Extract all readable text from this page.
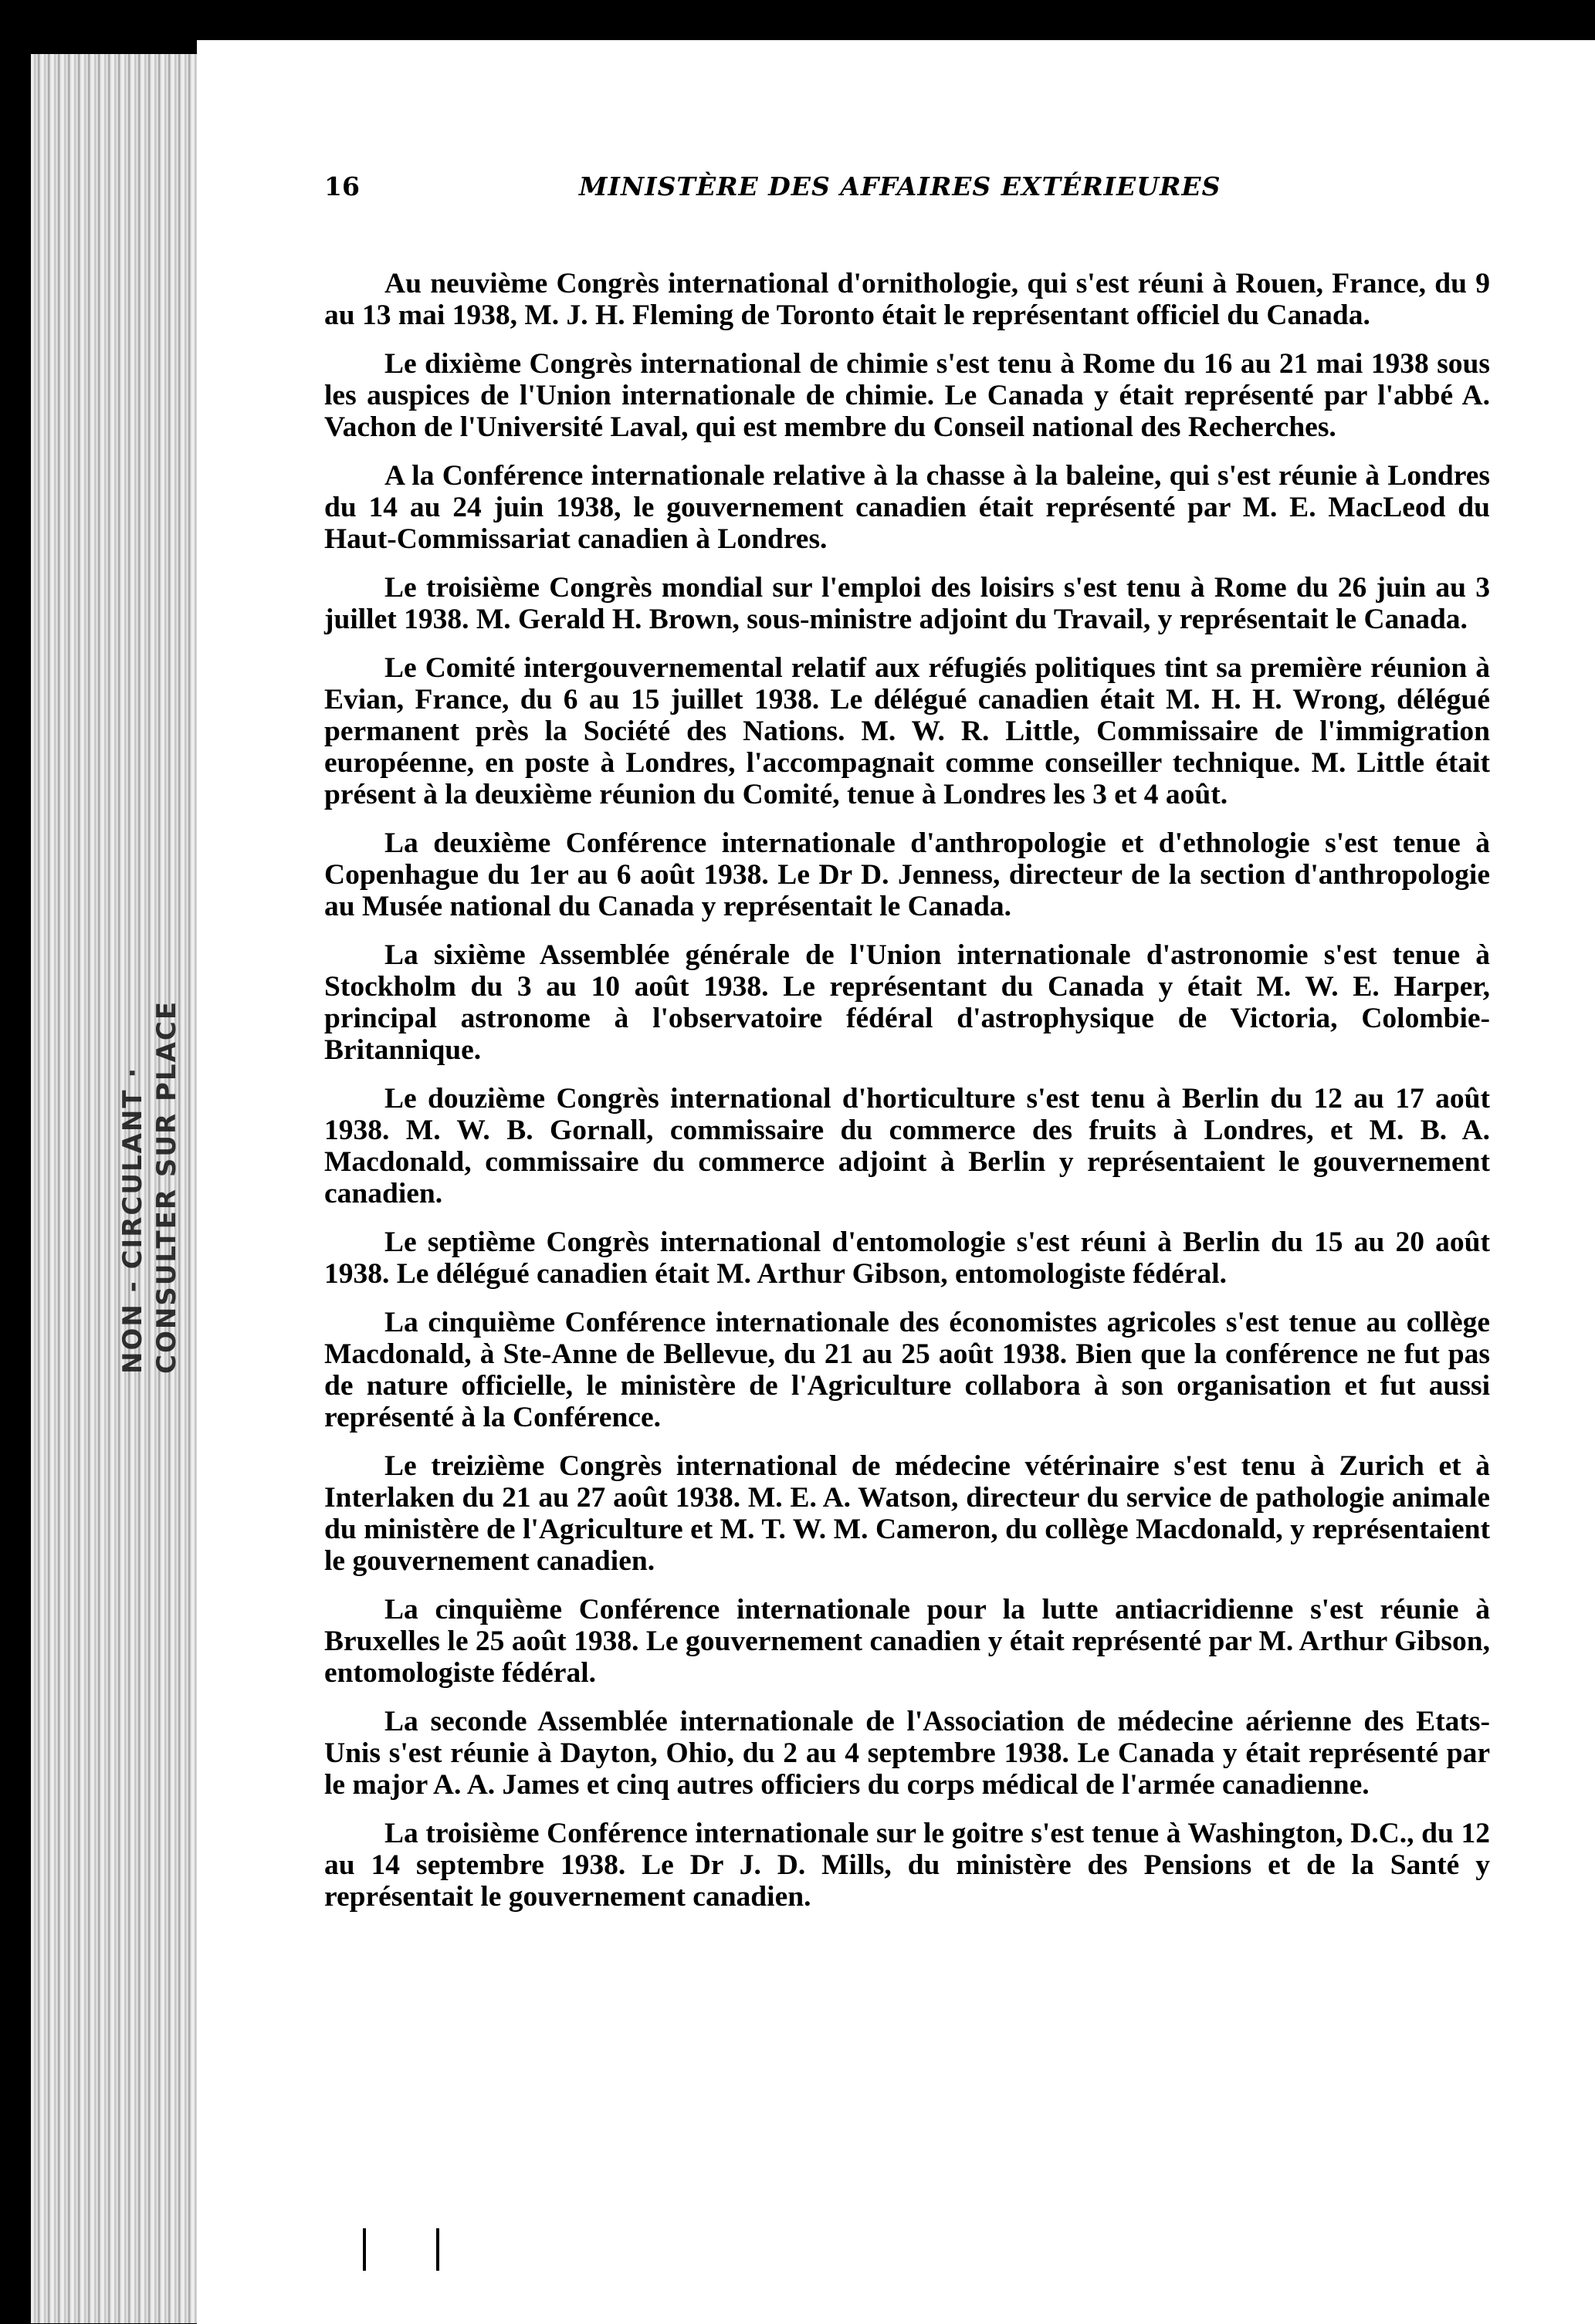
NON - CIRCULANT · CONSULTER SUR PLACE
16	MINISTÈRE DES AFFAIRES EXTÉRIEURES

Au neuvième Congrès international d'ornithologie, qui s'est réuni à Rouen, France, du 9 au 13 mai 1938, M. J. H. Fleming de Toronto était le représentant officiel du Canada.

Le dixième Congrès international de chimie s'est tenu à Rome du 16 au 21 mai 1938 sous les auspices de l'Union internationale de chimie. Le Canada y était représenté par l'abbé A. Vachon de l'Université Laval, qui est membre du Conseil national des Recherches.

A la Conférence internationale relative à la chasse à la baleine, qui s'est réunie à Londres du 14 au 24 juin 1938, le gouvernement canadien était représenté par M. E. MacLeod du Haut-Commissariat canadien à Londres.

Le troisième Congrès mondial sur l'emploi des loisirs s'est tenu à Rome du 26 juin au 3 juillet 1938. M. Gerald H. Brown, sous-ministre adjoint du Travail, y représentait le Canada.

Le Comité intergouvernemental relatif aux réfugiés politiques tint sa première réunion à Evian, France, du 6 au 15 juillet 1938. Le délégué canadien était M. H. H. Wrong, délégué permanent près la Société des Nations. M. W. R. Little, Commissaire de l'immigration européenne, en poste à Londres, l'accompagnait comme conseiller technique. M. Little était présent à la deuxième réunion du Comité, tenue à Londres les 3 et 4 août.

La deuxième Conférence internationale d'anthropologie et d'ethnologie s'est tenue à Copenhague du 1er au 6 août 1938. Le Dr D. Jenness, directeur de la section d'anthropologie au Musée national du Canada y représentait le Canada.

La sixième Assemblée générale de l'Union internationale d'astronomie s'est tenue à Stockholm du 3 au 10 août 1938. Le représentant du Canada y était M. W. E. Harper, principal astronome à l'observatoire fédéral d'astrophysique de Victoria, Colombie-Britannique.

Le douzième Congrès international d'horticulture s'est tenu à Berlin du 12 au 17 août 1938. M. W. B. Gornall, commissaire du commerce des fruits à Londres, et M. B. A. Macdonald, commissaire du commerce adjoint à Berlin y représentaient le gouvernement canadien.

Le septième Congrès international d'entomologie s'est réuni à Berlin du 15 au 20 août 1938. Le délégué canadien était M. Arthur Gibson, entomologiste fédéral.

La cinquième Conférence internationale des économistes agricoles s'est tenue au collège Macdonald, à Ste-Anne de Bellevue, du 21 au 25 août 1938. Bien que la conférence ne fut pas de nature officielle, le ministère de l'Agriculture collabora à son organisation et fut aussi représenté à la Conférence.

Le treizième Congrès international de médecine vétérinaire s'est tenu à Zurich et à Interlaken du 21 au 27 août 1938. M. E. A. Watson, directeur du service de pathologie animale du ministère de l'Agriculture et M. T. W. M. Cameron, du collège Macdonald, y représentaient le gouvernement canadien.

La cinquième Conférence internationale pour la lutte antiacridienne s'est réunie à Bruxelles le 25 août 1938. Le gouvernement canadien y était représenté par M. Arthur Gibson, entomologiste fédéral.

La seconde Assemblée internationale de l'Association de médecine aérienne des Etats-Unis s'est réunie à Dayton, Ohio, du 2 au 4 septembre 1938. Le Canada y était représenté par le major A. A. James et cinq autres officiers du corps médical de l'armée canadienne.

La troisième Conférence internationale sur le goitre s'est tenue à Washington, D.C., du 12 au 14 septembre 1938. Le Dr J. D. Mills, du ministère des Pensions et de la Santé y représentait le gouvernement canadien.
